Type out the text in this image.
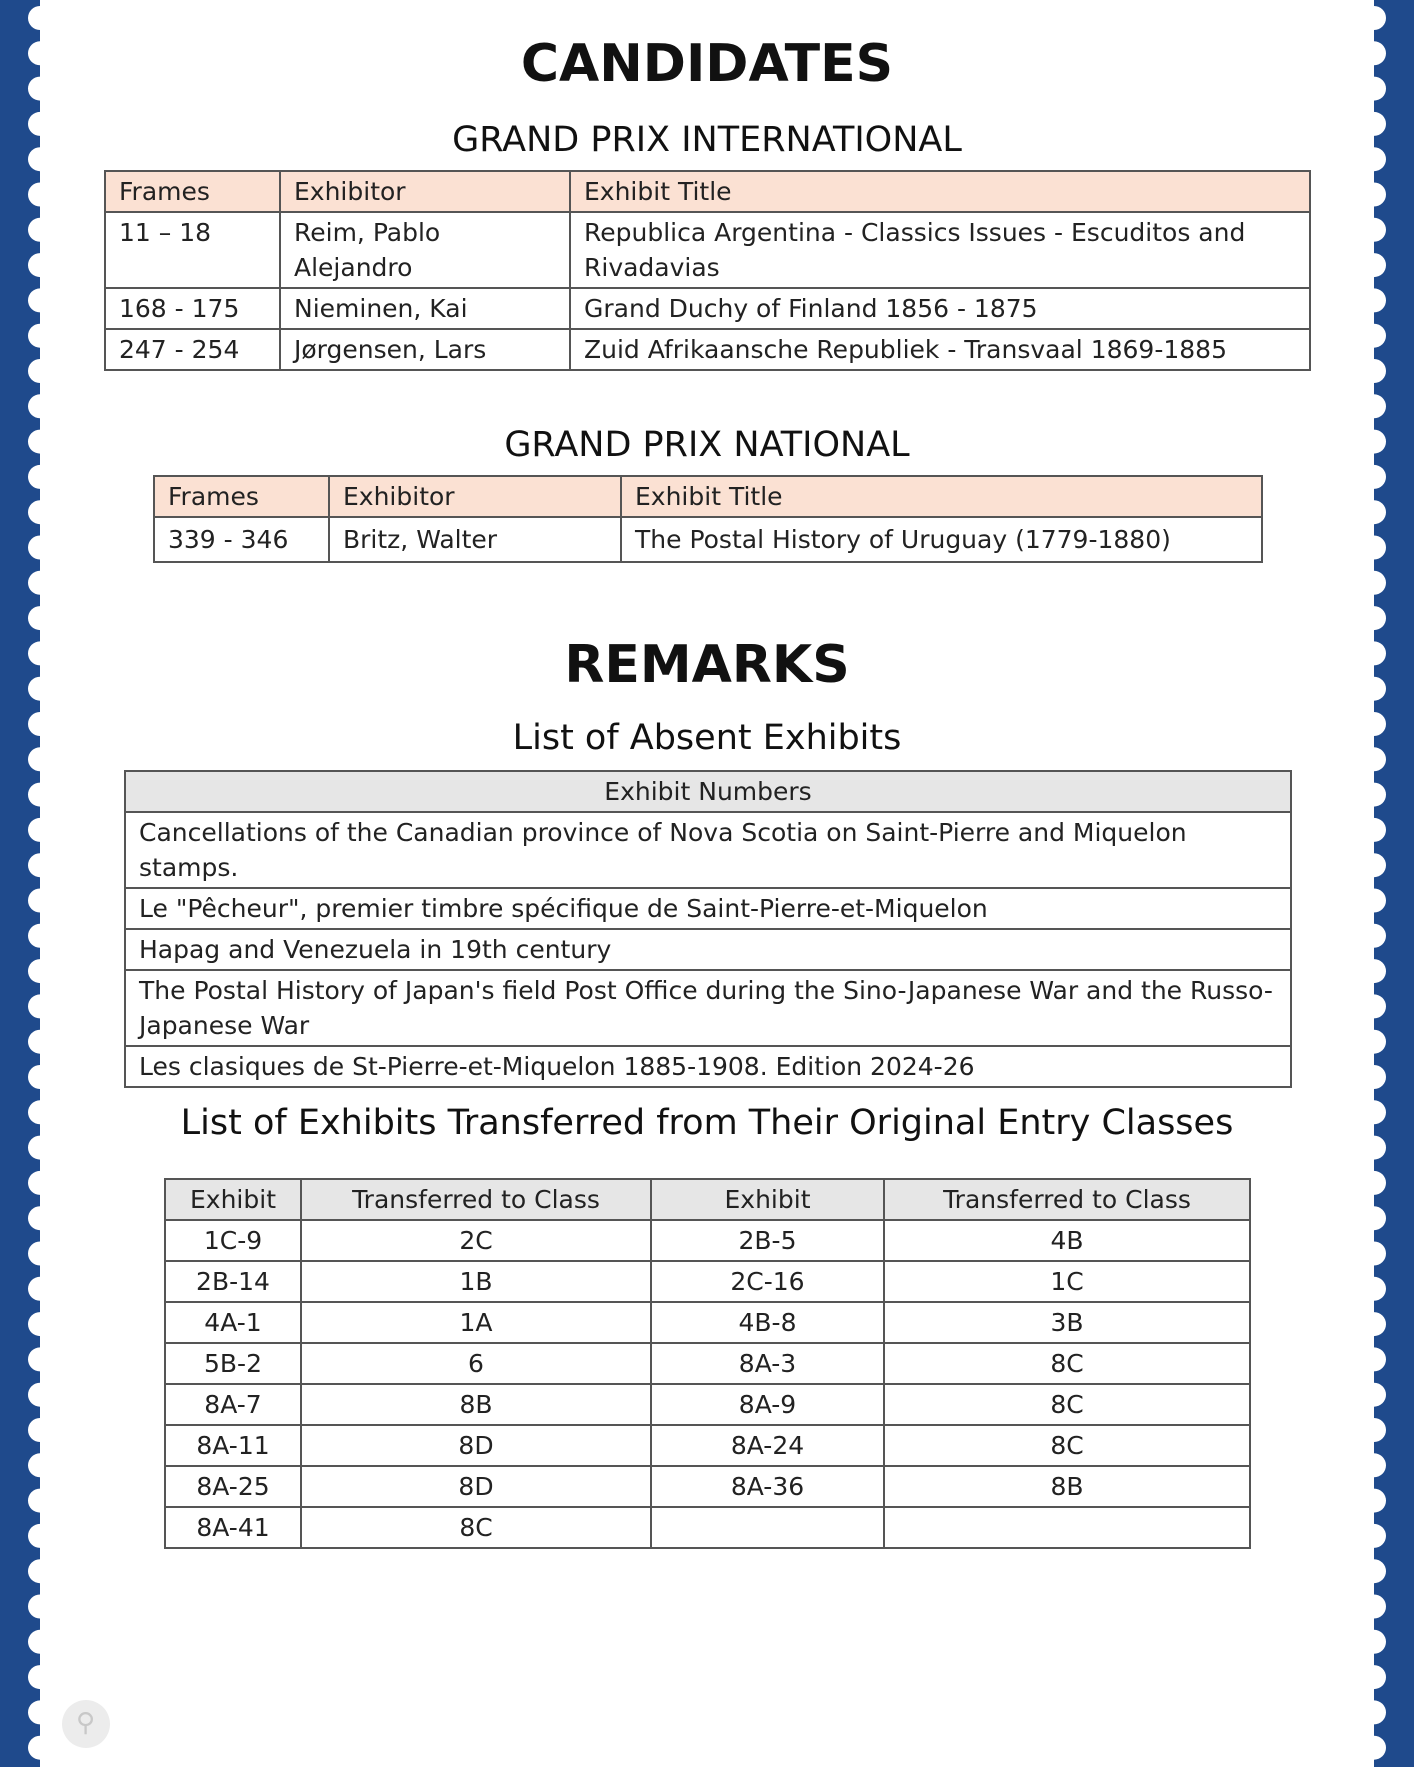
CANDIDATES
GRAND PRIX INTERNATIONAL
Frames	Exhibitor	Exhibit Title
11 – 18	Reim, Pablo Alejandro	Republica Argentina - Classics Issues - Escuditos and Rivadavias
168 - 175	Nieminen, Kai	Grand Duchy of Finland 1856 - 1875
247 - 254	Jørgensen, Lars	Zuid Afrikaansche Republiek - Transvaal 1869-1885
GRAND PRIX NATIONAL
Frames	Exhibitor	Exhibit Title
339 - 346	Britz, Walter	The Postal History of Uruguay (1779-1880)
REMARKS
List of Absent Exhibits
Exhibit Numbers
Cancellations of the Canadian province of Nova Scotia on Saint-Pierre and Miquelon stamps.
Le "Pêcheur", premier timbre spécifique de Saint-Pierre-et-Miquelon
Hapag and Venezuela in 19th century
The Postal History of Japan's field Post Office during the Sino-Japanese War and the Russo-Japanese War
Les clasiques de St-Pierre-et-Miquelon 1885-1908. Edition 2024-26
List of Exhibits Transferred from Their Original Entry Classes
Exhibit	Transferred to Class	Exhibit	Transferred to Class
1C-9	2C	2B-5	4B
2B-14	1B	2C-16	1C
4A-1	1A	4B-8	3B
5B-2	6	8A-3	8C
8A-7	8B	8A-9	8C
8A-11	8D	8A-24	8C
8A-25	8D	8A-36	8B
8A-41	8C		
⚲
